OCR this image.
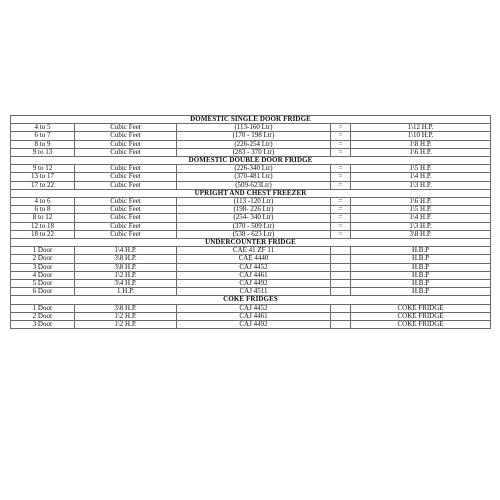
DOMESTIC SINGLE DOOR FRIDGE				
4 to 5	Cubic Feet	(113-160 Ltr)	=	1\12 H.P.
6 to 7	Cubic Feet	(170 - 198 Ltr)	=	1\10 H.P.
8 to 9	Cubic Feet	(226-254 Ltr)	=	1\8 H.P.
9 to 13	Cubic Feet	(283 - 370 Ltr)	=	1\6 H.P.
DOMESTIC DOUBLE DOOR FRIDGE				
9 to 12	Cubic Feet	(226-340 Ltr)	=	1\5 H.P.
13 to 17	Cubic Feet	(370-481 Ltr)	=	1\4 H.P.
17 to 22	Cubic Feet	(509-623Ltr)	=	1\3 H.P.
UPRIGHT AND CHEST FREEZER				
4 to 6	Cubic Feet	(113 -120 Ltr)	=	1\6 H.P.
6 to 8	Cubic Feet	(198- 226 Ltr)	=	1\5 H.P.
8 to 12	Cubic Feet	(254- 340 Ltr)	=	1\4 H.P.
12 to 18	Cubic Feet	(370 - 509 Ltr)	=	1\3 H.P.
18 to 22	Cubic Feet	(538 - 623 Ltr)	=	3\8 H.P.
UNDERCOUNTER FRIDGE				
1 Door	1\4 H.P.	CAE 41 ZF 11		H.B.P
2 Door	3\8 H.P.	CAE 4440		H.B.P
3 Door	3\8 H.P.	CAJ 4452		H.B.P
4 Door	1\2 H.P.	CAJ 4461		H.B.P
5 Door	3\4 H.P.	CAJ 4492		H.B.P
6 Door	1 H.P.	CAJ 4511		H.B.P
COKE FRIDGES				
1 Door	3\8 H.P.	CAJ 4452		COKE FRIDGE
2 Door	1\2 H.P.	CAJ 4461		COKE FRIDGE
3 Door	1\2 H.P.	CAJ 4492		COKE FRIDGE
